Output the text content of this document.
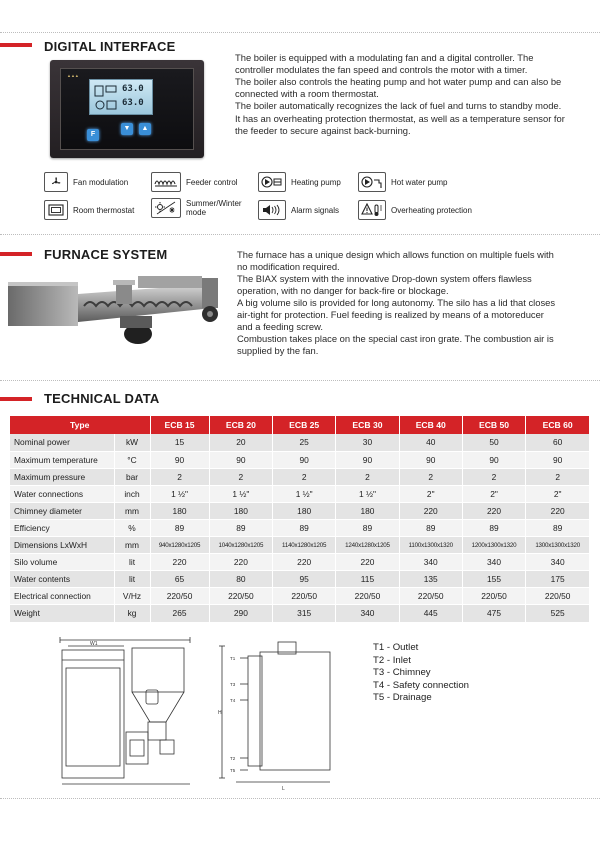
DIGITAL INTERFACE
▲▲▲
63.0
63.0
F
▼	▲

The boiler is equipped with a modulating fan and a digital controller. The controller modulates the fan speed and controls the motor with a timer.

The boiler also controls the heating pump and hot water pump and can also be connected with a room thermostat.

The boiler automatically recognizes the lack of fuel and turns to standby mode.

It has an overheating protection thermostat, as well as a temperature sensor for the feeder to secure against back-burning.

Fan modulation	Feeder control	Heating pump	Hot water pump
Room thermostat
Summer/Winter mode	Alarm signals	Overheating protection
FURNACE SYSTEM	The furnace has a unique design which allows function on multiple fuels with no modification required.

The BIAX system with the innovative Drop-down system offers flawless operation, with no danger for back-fire or blockage.

A big volume silo is provided for long autonomy. The silo has a lid that closes air-tight for protection. Fuel feeding is realized by means of a motoreducer and a feeding screw.

Combustion takes place on the special cast iron grate. The combustion air is supplied by the fan.

TECHNICAL DATA
Type		ECB 15	ECB 20	ECB 25	ECB 30	ECB 40	ECB 50	ECB 60
Nominal power	kW	15	20	25	30	40	50	60
Maximum temperature	°C	90	90	90	90	90	90	90
Maximum pressure	bar	2	2	2	2	2	2	2
Water connections	inch	1 ½"	1 ½"	1 ½"	1 ½"	2"	2"	2"
Chimney diameter	mm	180	180	180	180	220	220	220
Efficiency	%	89	89	89	89	89	89	89
Dimensions LxWxH	mm	940x1280x1205	1040x1280x1205	1140x1280x1205	1240x1280x1205	1100x1300x1320	1200x1300x1320	1300x1300x1320
Silo volume	lit	220	220	220	220	340	340	340
Water contents	lit	65	80	95	115	135	155	175
Electrical connection	V/Hz	220/50	220/50	220/50	220/50	220/50	220/50	220/50
Weight	kg	265	290	315	340	445	475	525
W1
H
T1
T3
T4
T2
T5
L
T1 - Outlet
T2 - Inlet
T3 - Chimney
T4 - Safety connection
T5 - Drainage
